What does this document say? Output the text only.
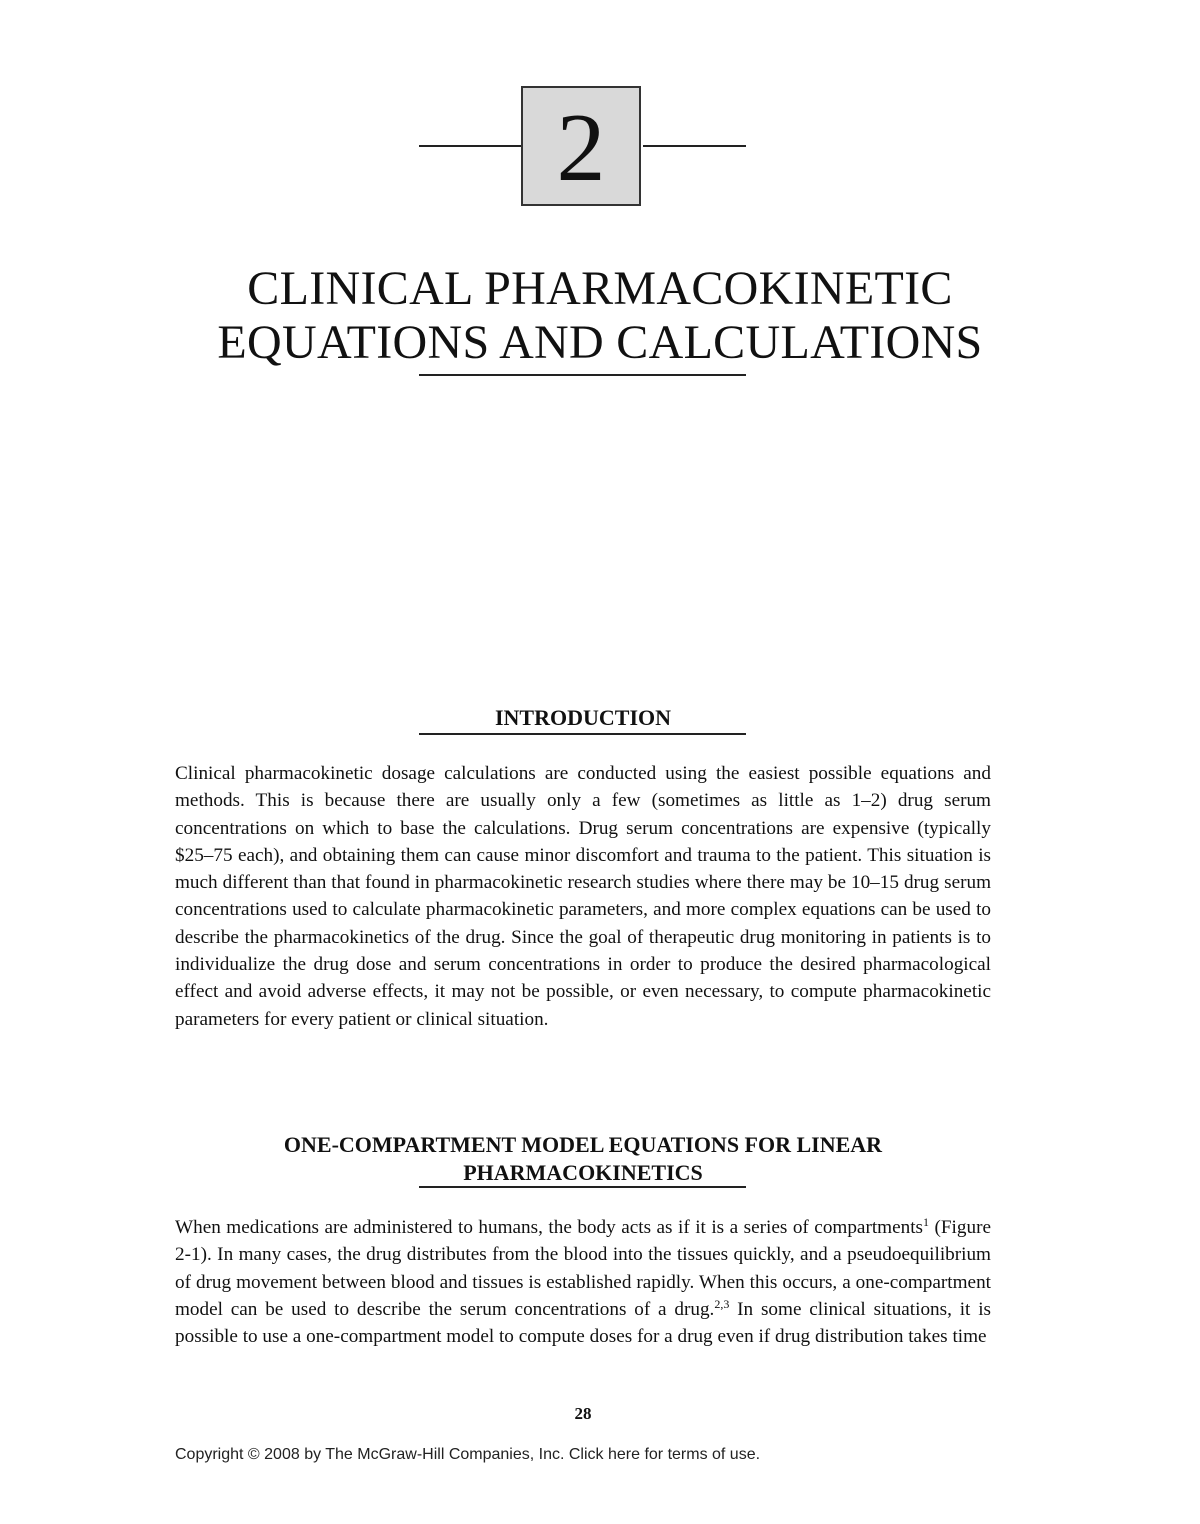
2
CLINICAL PHARMACOKINETIC
EQUATIONS AND CALCULATIONS
INTRODUCTION

Clinical pharmacokinetic dosage calculations are conducted using the easiest possible equations and methods. This is because there are usually only a few (sometimes as little as 1–2) drug serum concentrations on which to base the calculations. Drug serum concentrations are expensive (typically $25–75 each), and obtaining them can cause minor discomfort and trauma to the patient. This situation is much different than that found in pharmacokinetic research studies where there may be 10–15 drug serum concentrations used to calculate pharmacokinetic parameters, and more complex equations can be used to describe the pharmacokinetics of the drug. Since the goal of therapeutic drug monitoring in patients is to individualize the drug dose and serum concentrations in order to produce the desired pharmacological effect and avoid adverse effects, it may not be possible, or even necessary, to compute pharmacokinetic parameters for every patient or clinical situation.

ONE-COMPARTMENT MODEL EQUATIONS FOR LINEAR
PHARMACOKINETICS

When medications are administered to humans, the body acts as if it is a series of compartments$^1$ (Figure 2-1). In many cases, the drug distributes from the blood into the tissues quickly, and a pseudoequilibrium of drug movement between blood and tissues is established rapidly. When this occurs, a one-compartment model can be used to describe the serum concentrations of a drug.$^{2,3}$ In some clinical situations, it is possible to use a one-compartment model to compute doses for a drug even if drug distribution takes time

28

Copyright © 2008 by The McGraw-Hill Companies, Inc. Click here for terms of use.
